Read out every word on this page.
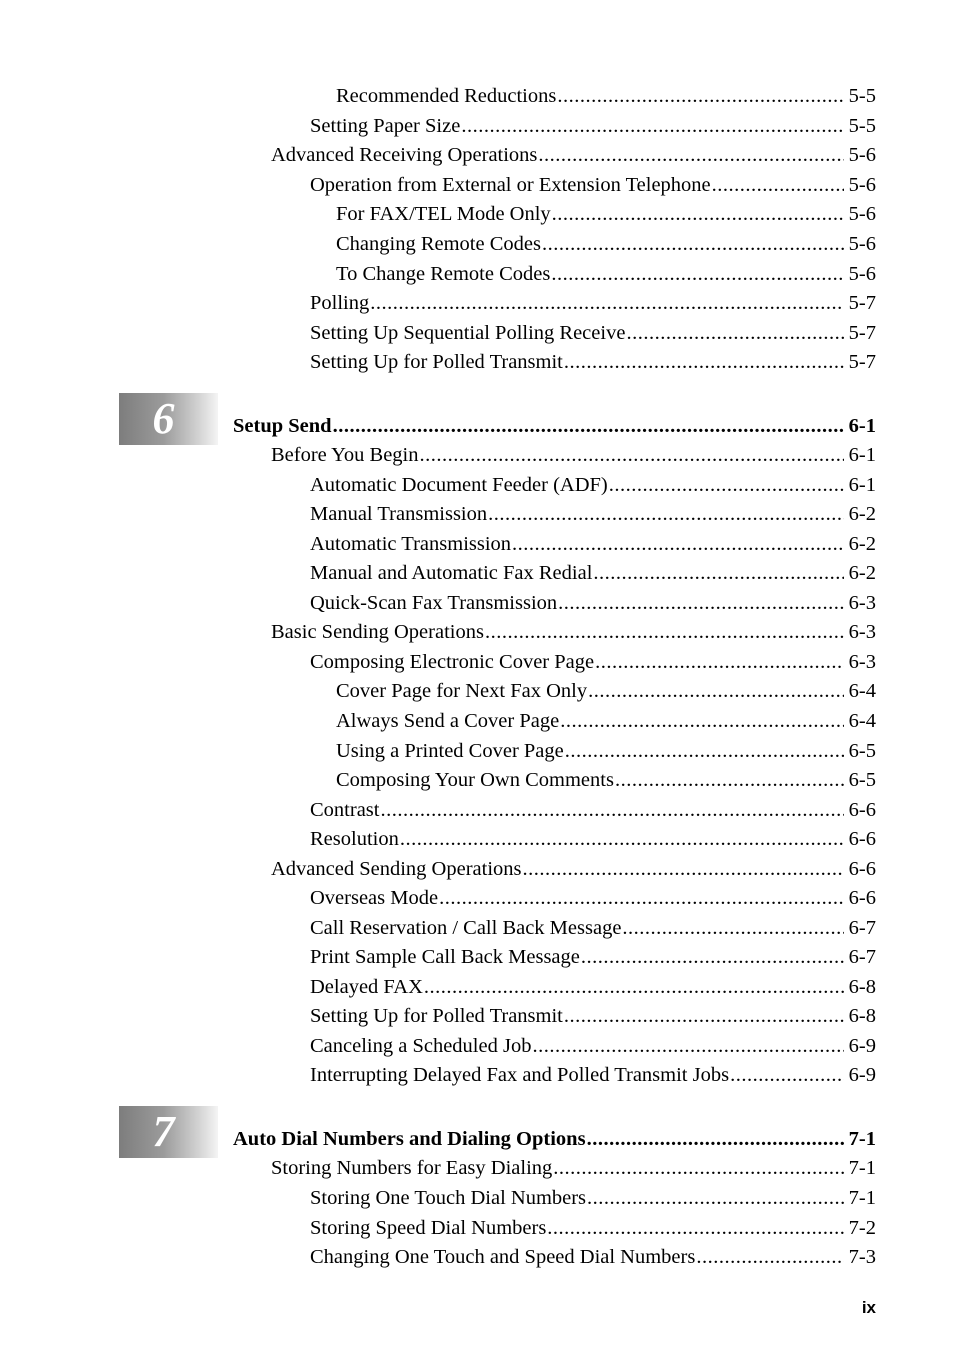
Recommended Reductions .....	5-5
Setting Paper Size .....	5-5
Advanced Receiving Operations .....	5-6
Operation from External or Extension Telephone .....	5-6
For FAX/TEL Mode Only .....	5-6
Changing Remote Codes .....	5-6
To Change Remote Codes .....	5-6
Polling .....	5-7
Setting Up Sequential Polling Receive .....	5-7
Setting Up for Polled Transmit .....	5-7
6	Setup Send .....	6-1
Before You Begin .....	6-1
Automatic Document Feeder (ADF) .....	6-1
Manual Transmission .....	6-2
Automatic Transmission .....	6-2
Manual and Automatic Fax Redial .....	6-2
Quick-Scan Fax Transmission .....	6-3
Basic Sending Operations .....	6-3
Composing Electronic Cover Page .....	6-3
Cover Page for Next Fax Only .....	6-4
Always Send a Cover Page .....	6-4
Using a Printed Cover Page .....	6-5
Composing Your Own Comments .....	6-5
Contrast .....	6-6
Resolution .....	6-6
Advanced Sending Operations .....	6-6
Overseas Mode .....	6-6
Call Reservation / Call Back Message .....	6-7
Print Sample Call Back Message .....	6-7
Delayed FAX .....	6-8
Setting Up for Polled Transmit .....	6-8
Canceling a Scheduled Job .....	6-9
Interrupting Delayed Fax and Polled Transmit Jobs .....	6-9
7	Auto Dial Numbers and Dialing Options .....	7-1
Storing Numbers for Easy Dialing .....	7-1
Storing One Touch Dial Numbers .....	7-1
Storing Speed Dial Numbers .....	7-2
Changing One Touch and Speed Dial Numbers .....	7-3
ix
